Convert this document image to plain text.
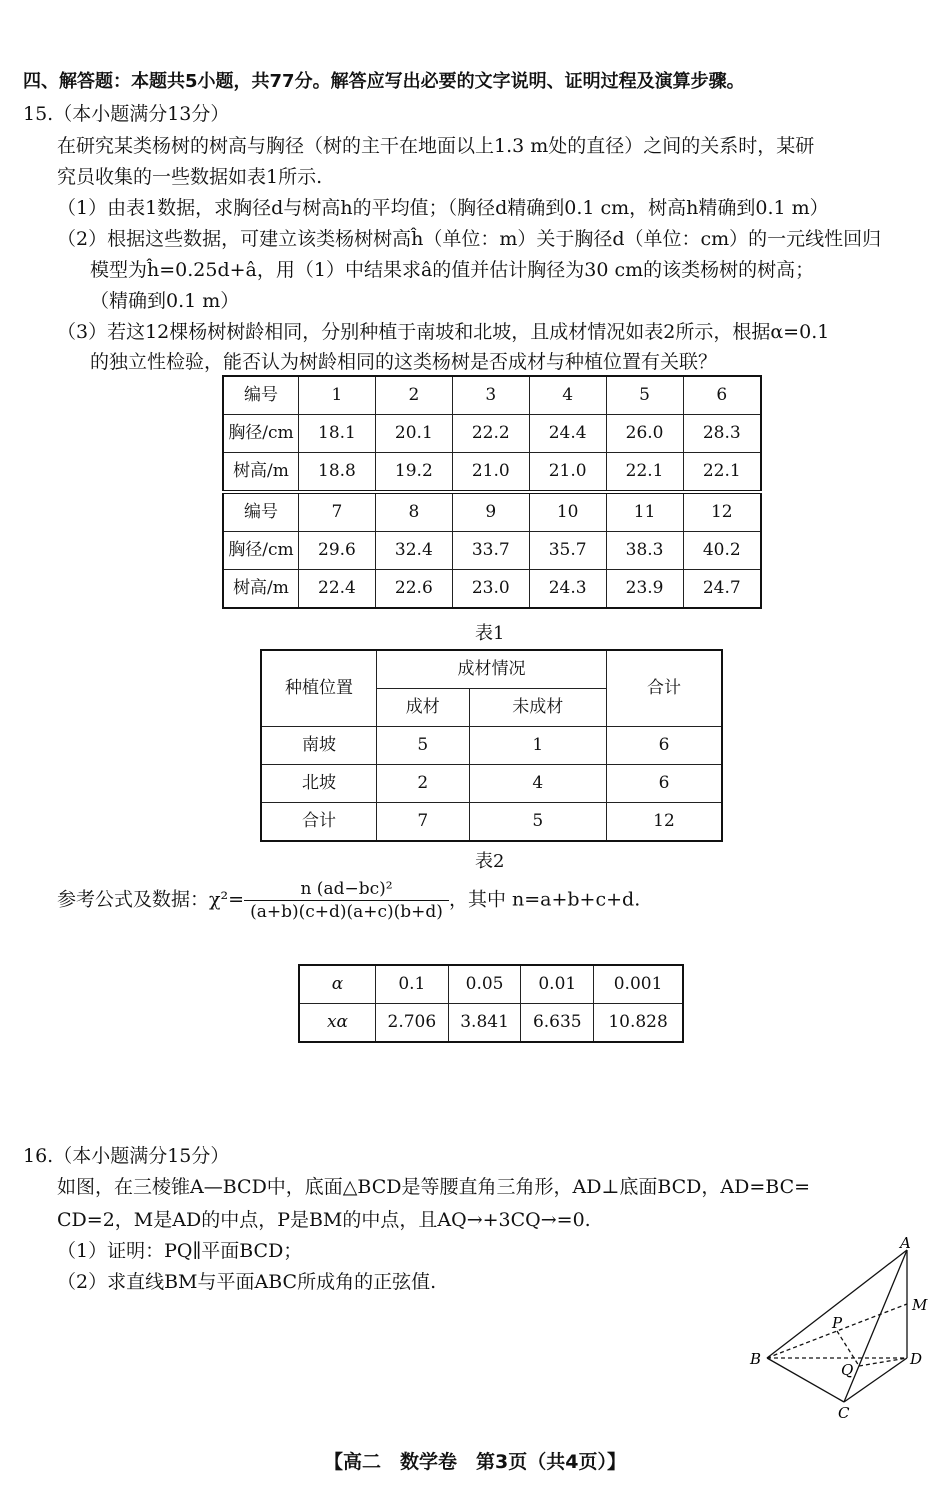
四、解答题：本题共5小题，共77分。解答应写出必要的文字说明、证明过程及演算步骤。
15.（本小题满分13分）
在研究某类杨树的树高与胸径（树的主干在地面以上1.3 m处的直径）之间的关系时，某研
究员收集的一些数据如表1所示.
（1）由表1数据，求胸径d与树高h的平均值；（胸径d精确到0.1 cm，树高h精确到0.1 m）
（2）根据这些数据，可建立该类杨树树高ĥ（单位：m）关于胸径d（单位：cm）的一元线性回归
模型为ĥ=0.25d+â，用（1）中结果求â的值并估计胸径为30 cm的该类杨树的树高；
（精确到0.1 m）
（3）若这12棵杨树树龄相同，分别种植于南坡和北坡，且成材情况如表2所示，根据α=0.1
的独立性检验，能否认为树龄相同的这类杨树是否成材与种植位置有关联？
编号	1	2	3	4	5	6
胸径/cm	18.1	20.1	22.2	24.4	26.0	28.3
树高/m	18.8	19.2	21.0	21.0	22.1	22.1
编号	7	8	9	10	11	12
胸径/cm	29.6	32.4	33.7	35.7	38.3	40.2
树高/m	22.4	22.6	23.0	24.3	23.9	24.7
表1
种植位置	成材情况		合计
	成材	未成材	
南坡	5	1	6
北坡	2	4	6
合计	7	5	12
表2
参考公式及数据：$\chi^2= \frac{\text{n (ad−bc)²}}{(a+b)(c+d)(a+c)(b+d)}$ ，其中 n=a+b+c+d.
α	0.1	0.05	0.01	0.001
xα	2.706	3.841	6.635	10.828
16.（本小题满分15分）
如图，在三棱锥A—BCD中，底面△BCD是等腰直角三角形，AD⊥底面BCD，AD=BC=
CD=2，M是AD的中点，P是BM的中点，且AQ→+3CQ→=0.
（1）证明：PQ∥平面BCD；
（2）求直线BM与平面ABC所成角的正弦值.
A
B
C
D
M
P
Q
【高二　数学卷　第3页（共4页）】
